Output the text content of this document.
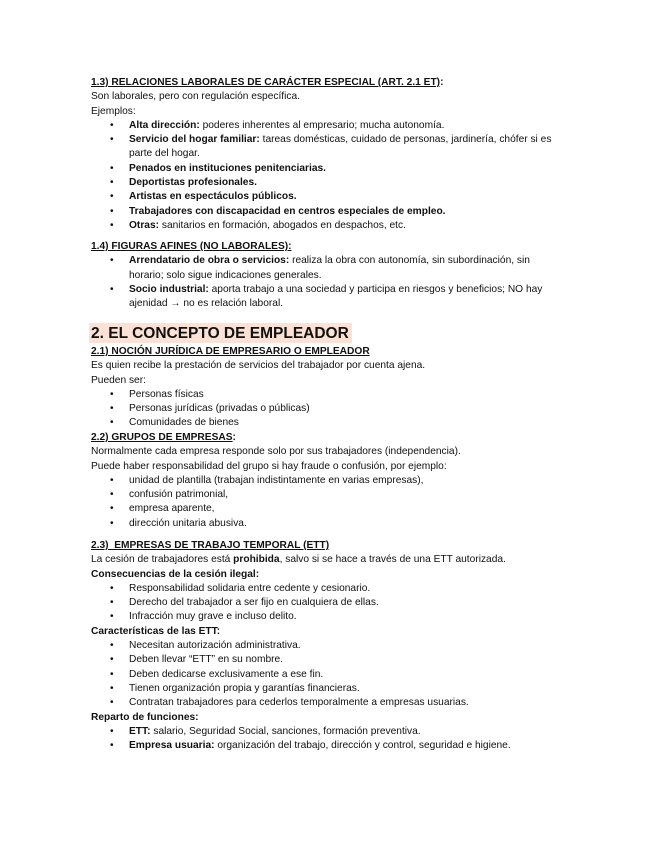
1.3) RELACIONES LABORALES DE CARÁCTER ESPECIAL (ART. 2.1 ET):
Son laborales, pero con regulación específica.
Ejemplos:
• Alta dirección: poderes inherentes al empresario; mucha autonomía.
• Servicio del hogar familiar: tareas domésticas, cuidado de personas, jardinería, chófer si es parte del hogar.
• Penados en instituciones penitenciarias.
• Deportistas profesionales.
• Artistas en espectáculos públicos.
• Trabajadores con discapacidad en centros especiales de empleo.
• Otras: sanitarios en formación, abogados en despachos, etc.
1.4) FIGURAS AFINES (NO LABORALES):
• Arrendatario de obra o servicios: realiza la obra con autonomía, sin subordinación, sin horario; solo sigue indicaciones generales.
• Socio industrial: aporta trabajo a una sociedad y participa en riesgos y beneficios; NO hay ajenidad → no es relación laboral.
2. EL CONCEPTO DE EMPLEADOR
2.1) NOCIÓN JURÍDICA DE EMPRESARIO O EMPLEADOR
Es quien recibe la prestación de servicios del trabajador por cuenta ajena.
Pueden ser:
• Personas físicas
• Personas jurídicas (privadas o públicas)
• Comunidades de bienes
2.2) GRUPOS DE EMPRESAS:
Normalmente cada empresa responde solo por sus trabajadores (independencia).
Puede haber responsabilidad del grupo si hay fraude o confusión, por ejemplo:
• unidad de plantilla (trabajan indistintamente en varias empresas),
• confusión patrimonial,
• empresa aparente,
• dirección unitaria abusiva.
2.3)  EMPRESAS DE TRABAJO TEMPORAL (ETT)
La cesión de trabajadores está prohibida, salvo si se hace a través de una ETT autorizada.
Consecuencias de la cesión ilegal:
• Responsabilidad solidaria entre cedente y cesionario.
• Derecho del trabajador a ser fijo en cualquiera de ellas.
• Infracción muy grave e incluso delito.
Características de las ETT:
• Necesitan autorización administrativa.
• Deben llevar “ETT” en su nombre.
• Deben dedicarse exclusivamente a ese fin.
• Tienen organización propia y garantías financieras.
• Contratan trabajadores para cederlos temporalmente a empresas usuarias.
Reparto de funciones:
• ETT: salario, Seguridad Social, sanciones, formación preventiva.
• Empresa usuaria: organización del trabajo, dirección y control, seguridad e higiene.
